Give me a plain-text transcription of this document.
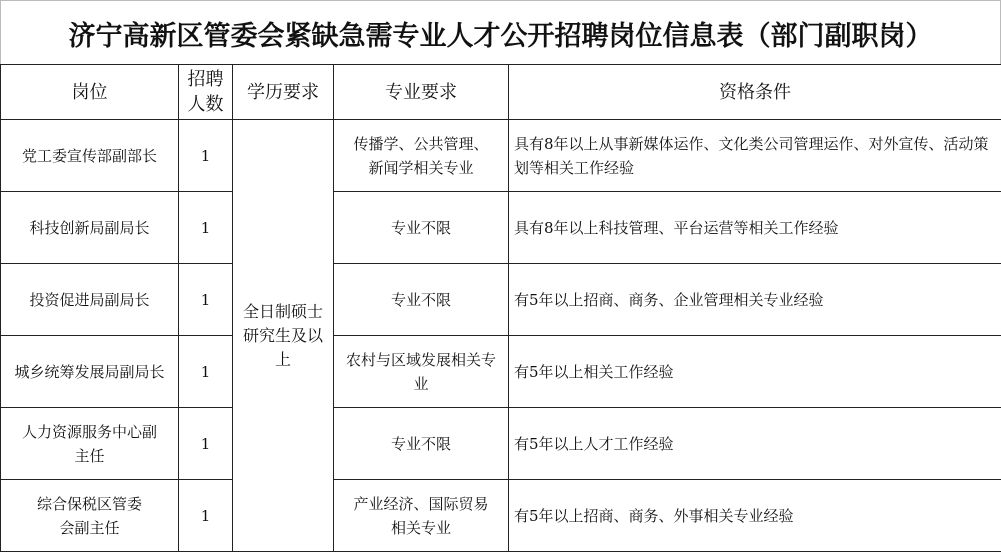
济宁高新区管委会紧缺急需专业人才公开招聘岗位信息表（部门副职岗）
岗位	招聘人数	学历要求	专业要求	资格条件
党工委宣传部副部长	1	全日制硕士研究生及以上	传播学、公共管理、新闻学相关专业	具有8年以上从事新媒体运作、文化类公司管理运作、对外宣传、活动策划等相关工作经验
科技创新局副局长	1		专业不限	具有8年以上科技管理、平台运营等相关工作经验
投资促进局副局长	1		专业不限	有5年以上招商、商务、企业管理相关专业经验
城乡统筹发展局副局长	1		农村与区域发展相关专业	有5年以上相关工作经验
人力资源服务中心副主任	1		专业不限	有5年以上人才工作经验
综合保税区管委会副主任	1		产业经济、国际贸易相关专业	有5年以上招商、商务、外事相关专业经验
